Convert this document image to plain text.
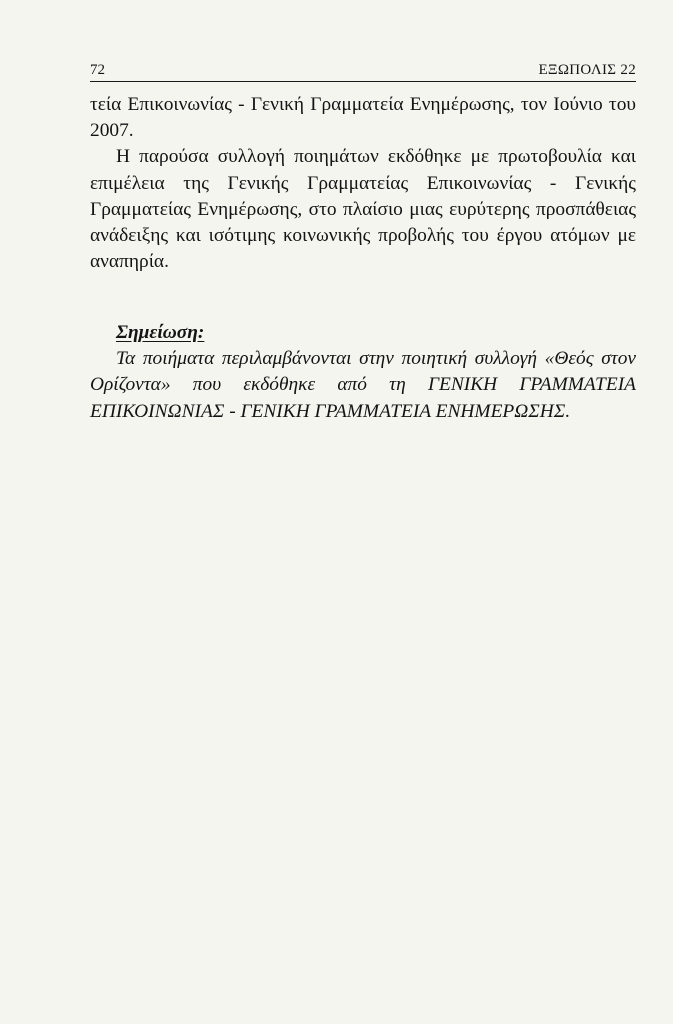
72	ΕΞΩΠΟΛΙΣ 22

τεία Επικοινωνίας - Γενική Γραμματεία Ενημέρωσης, τον Ιούνιο του 2007.

Η παρούσα συλλογή ποιημάτων εκδόθηκε με πρωτοβουλία και επιμέλεια της Γενικής Γραμματείας Επικοινωνίας - Γενικής Γραμματείας Ενημέρωσης, στο πλαίσιο μιας ευρύτερης προσπάθειας ανάδειξης και ισότιμης κοινωνικής προβολής του έργου ατόμων με αναπηρία.

Σημείωση:

Τα ποιήματα περιλαμβάνονται στην ποιητική συλλογή «Θεός στον Ορίζοντα» που εκδόθηκε από τη ΓΕΝΙΚΗ ΓΡΑΜΜΑΤΕΙΑ ΕΠΙΚΟΙΝΩΝΙΑΣ - ΓΕΝΙΚΗ ΓΡΑΜΜΑΤΕΙΑ ΕΝΗΜΕΡΩΣΗΣ.
